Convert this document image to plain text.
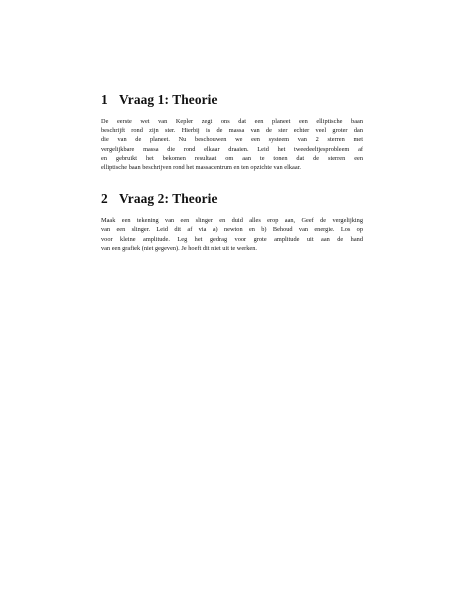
1 Vraag 1: Theorie

De eerste wet van Kepler zegt ons dat een planeet een elliptische baan
beschrijft rond zijn ster. Hierbij is de massa van de ster echter veel groter dan
die van de planeet. Nu beschouwen we een systeem van 2 sterren met
vergelijkbare massa die rond elkaar draaien. Leid het tweedeeltjesprobleem af
en gebruikt het bekomen resultaat om aan te tonen dat de sterren een
elliptische baan beschrijven rond het massacentrum en ten opzichte van elkaar.

2 Vraag 2: Theorie

Maak een tekening van een slinger en duid alles erop aan, Geef de vergelijking
van een slinger. Leid dit af via a) newton en b) Behoud van energie. Los op
voor kleine amplitude. Leg het gedrag voor grote amplitude uit aan de hand
van een grafiek (niet gegeven). Je hoeft dit niet uit te werken.
